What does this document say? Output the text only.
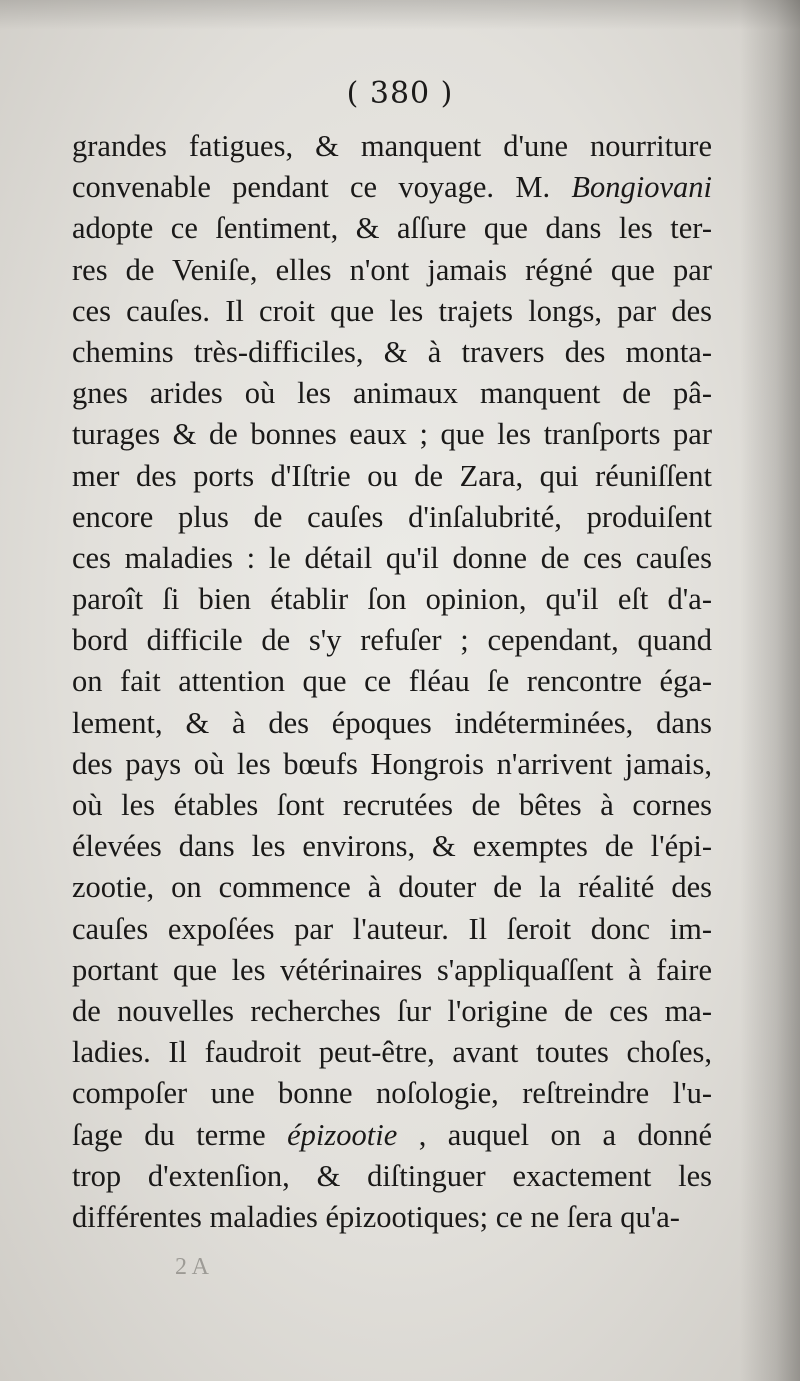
( 380 )
grandes fatigues, & manquent d'une nourriture
convenable pendant ce voyage. M. Bongiovani
adopte ce ſentiment, & aſſure que dans les ter-
res de Veniſe, elles n'ont jamais régné que par
ces cauſes. Il croit que les trajets longs, par des
chemins très-difficiles, & à travers des monta-
gnes arides où les animaux manquent de pâ-
turages & de bonnes eaux ; que les tranſports par
mer des ports d'Iſtrie ou de Zara, qui réuniſſent
encore plus de cauſes d'inſalubrité, produiſent
ces maladies : le détail qu'il donne de ces cauſes
paroît ſi bien établir ſon opinion, qu'il eſt d'a-
bord difficile de s'y refuſer ; cependant, quand
on fait attention que ce fléau ſe rencontre éga-
lement, & à des époques indéterminées, dans
des pays où les bœufs Hongrois n'arrivent jamais,
où les étables ſont recrutées de bêtes à cornes
élevées dans les environs, & exemptes de l'épi-
zootie, on commence à douter de la réalité des
cauſes expoſées par l'auteur. Il ſeroit donc im-
portant que les vétérinaires s'appliquaſſent à faire
de nouvelles recherches ſur l'origine de ces ma-
ladies. Il faudroit peut-être, avant toutes choſes,
compoſer une bonne noſologie, reſtreindre l'u-
ſage du terme épizootie , auquel on a donné
trop d'extenſion, & diſtinguer exactement les
différentes maladies épizootiques; ce ne ſera qu'a-
2 A
